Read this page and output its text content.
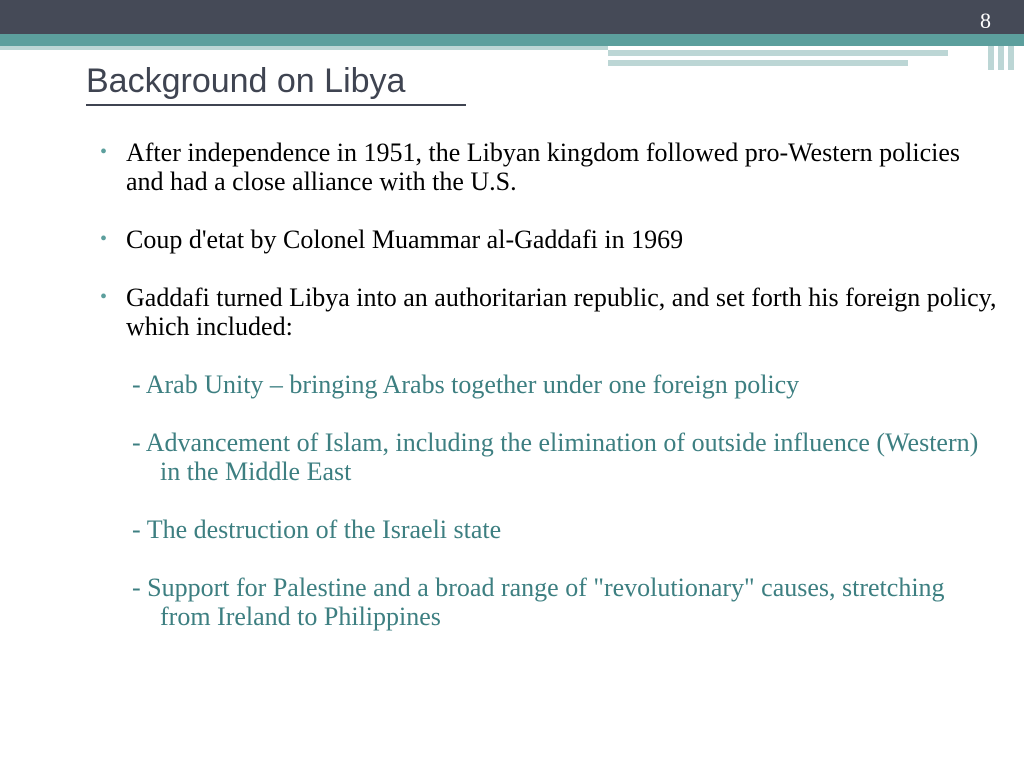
8
Background on Libya

• After independence in 1951, the Libyan kingdom followed pro-Western policies and had a close alliance with the U.S.

• Coup d'etat by Colonel Muammar al-Gaddafi in 1969

• Gaddafi turned Libya into an authoritarian republic, and set forth his foreign policy, which included:

- Arab Unity – bringing Arabs together under one foreign policy

- Advancement of Islam, including the elimination of outside influence (Western) in the Middle East

- The destruction of the Israeli state

- Support for Palestine and a broad range of "revolutionary" causes, stretching from Ireland to Philippines
